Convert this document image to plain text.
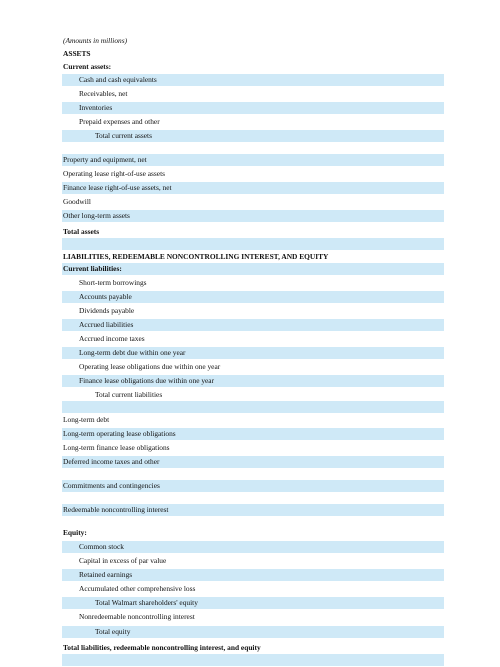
(Amounts in millions)
ASSETS
Current assets:
Cash and cash equivalents
Receivables, net
Inventories
Prepaid expenses and other
Total current assets
Property and equipment, net
Operating lease right-of-use assets
Finance lease right-of-use assets, net
Goodwill
Other long-term assets
Total assets
LIABILITIES, REDEEMABLE NONCONTROLLING INTEREST, AND EQUITY
Current liabilities:
Short-term borrowings
Accounts payable
Dividends payable
Accrued liabilities
Accrued income taxes
Long-term debt due within one year
Operating lease obligations due within one year
Finance lease obligations due within one year
Total current liabilities
Long-term debt
Long-term operating lease obligations
Long-term finance lease obligations
Deferred income taxes and other
Commitments and contingencies
Redeemable noncontrolling interest
Equity:
Common stock
Capital in excess of par value
Retained earnings
Accumulated other comprehensive loss
Total Walmart shareholders' equity
Nonredeemable noncontrolling interest
Total equity
Total liabilities, redeemable noncontrolling interest, and equity
